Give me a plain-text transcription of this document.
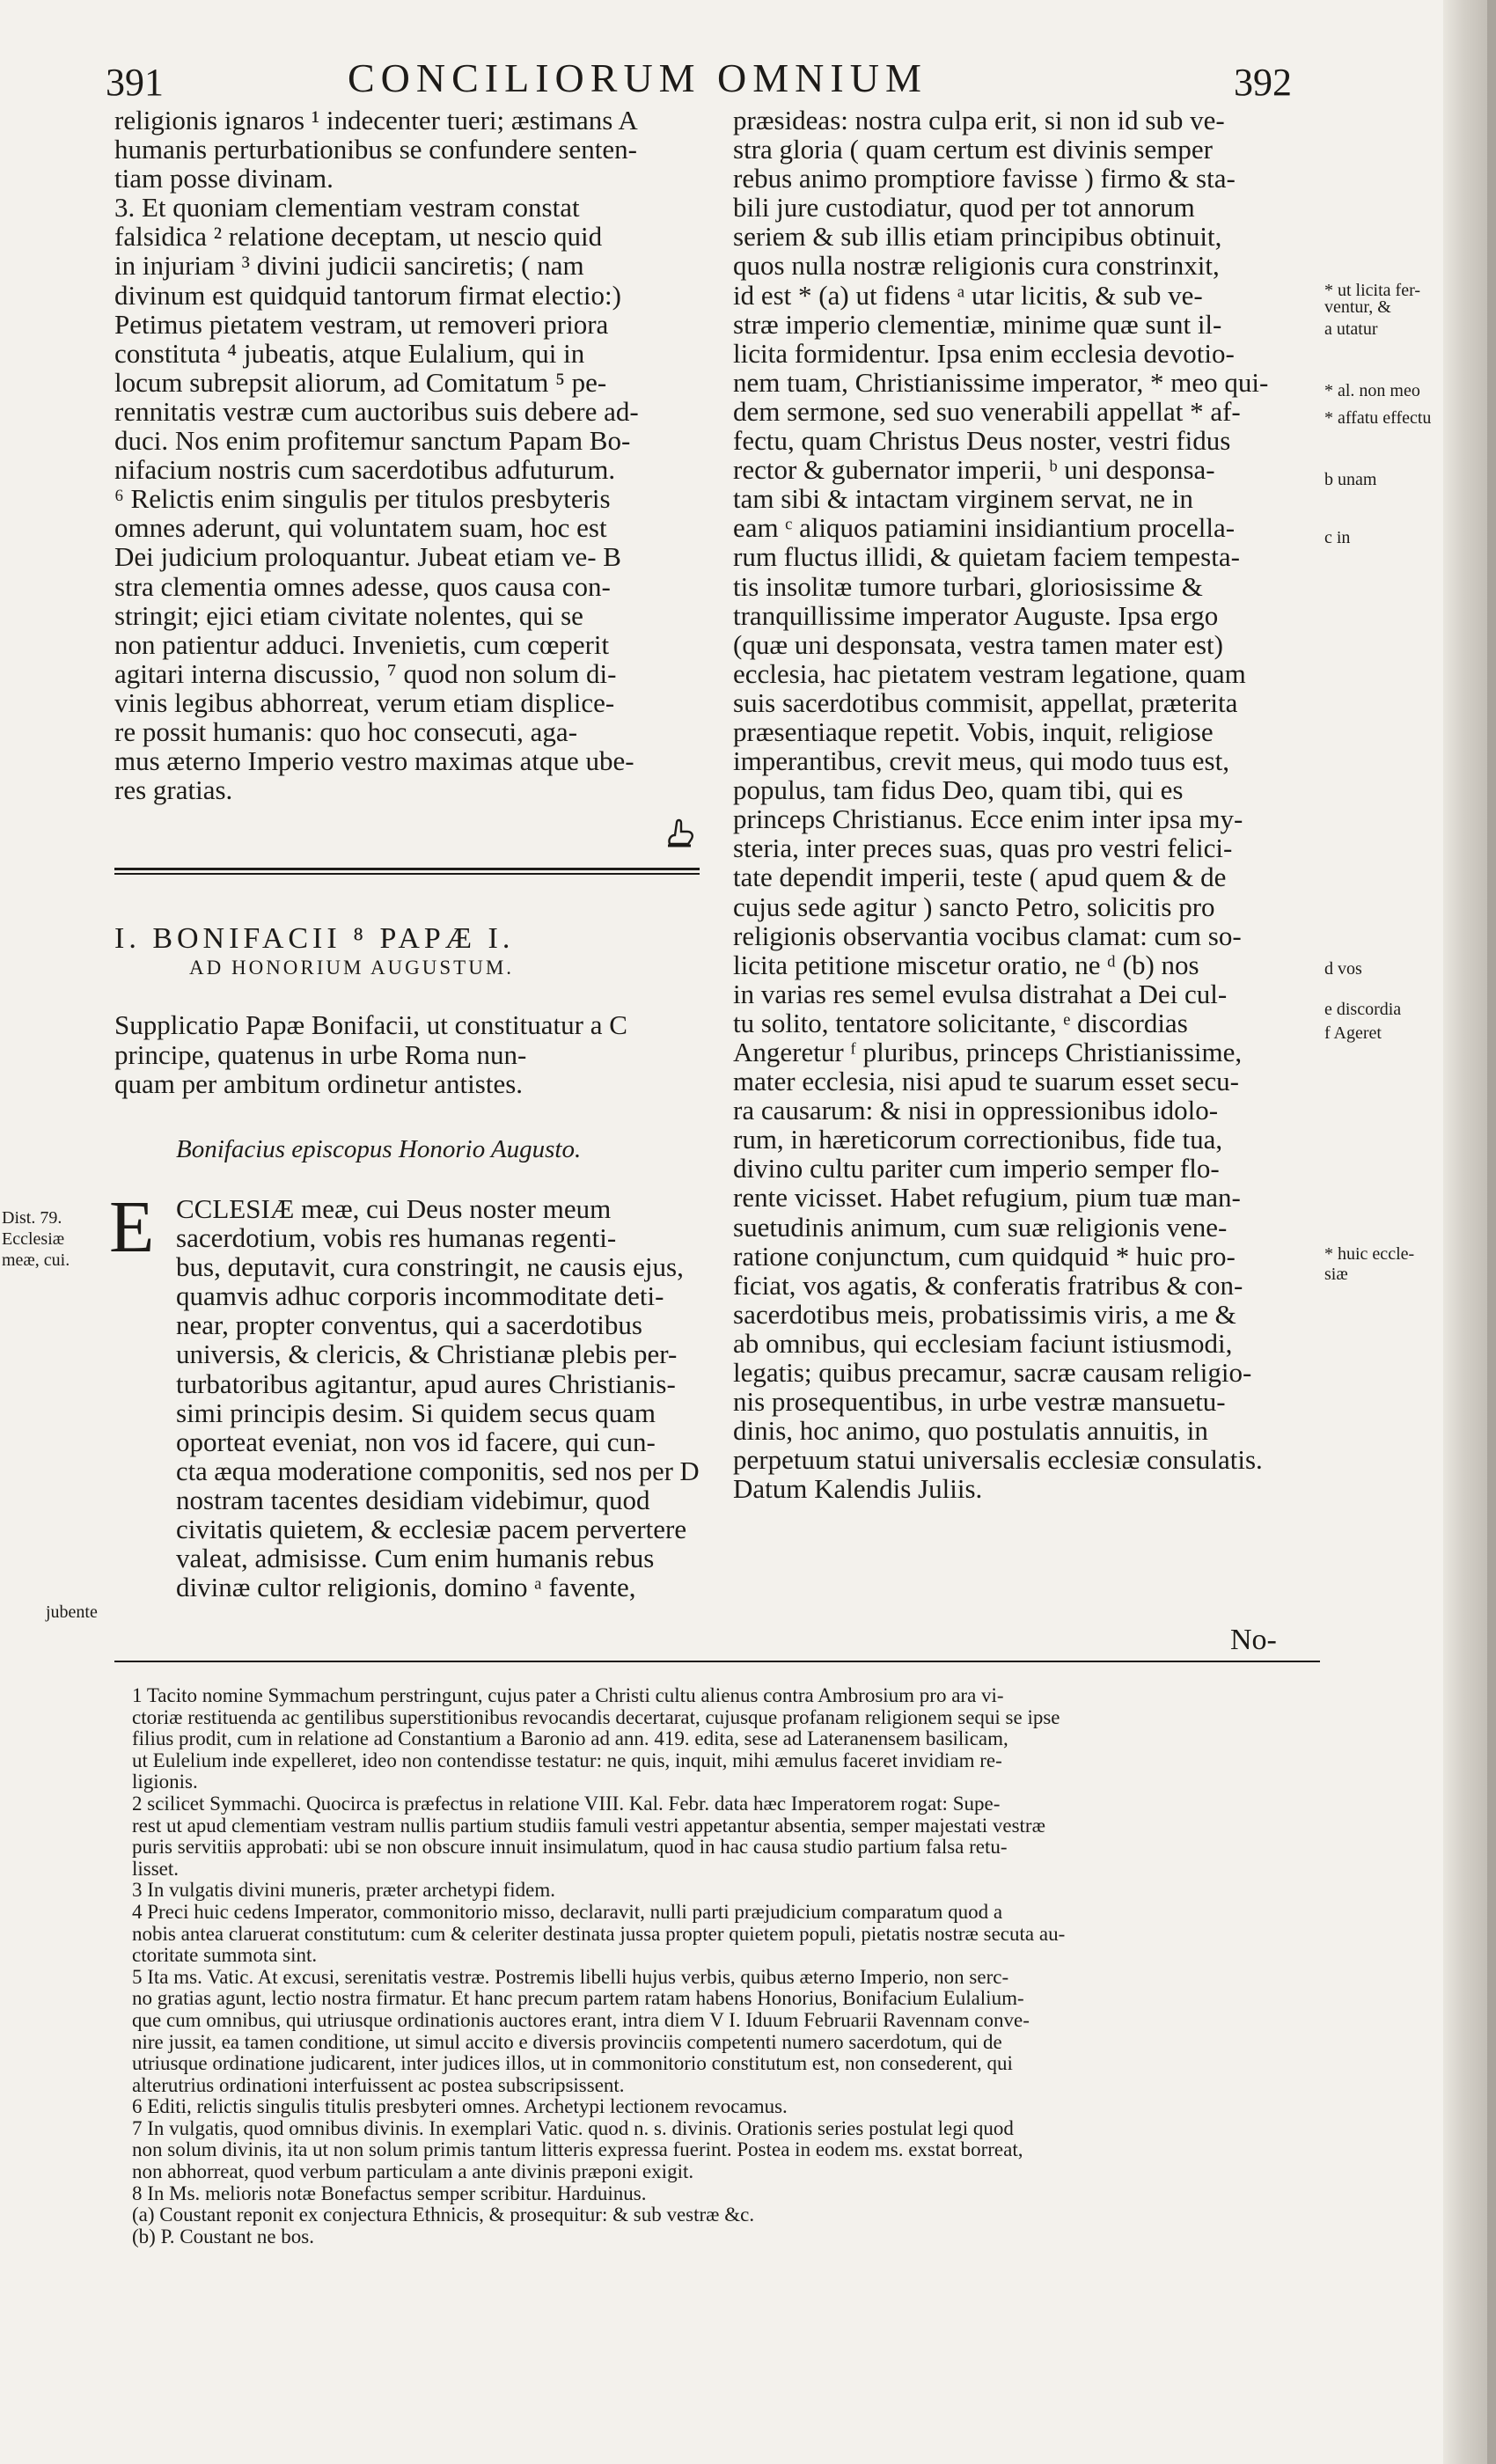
391	CONCILIORUM OMNIUM	392
religionis ignaros ¹ indecenter tueri; æstimans A
humanis perturbationibus se confundere senten-
tiam posse divinam.
3. Et quoniam clementiam vestram constat
falsidica ² relatione deceptam, ut nescio quid
in injuriam ³ divini judicii sanciretis; ( nam
divinum est quidquid tantorum firmat electio:)
Petimus pietatem vestram, ut removeri priora
constituta ⁴ jubeatis, atque Eulalium, qui in
locum subrepsit aliorum, ad Comitatum ⁵ pe-
rennitatis vestræ cum auctoribus suis debere ad-
duci. Nos enim profitemur sanctum Papam Bo-
nifacium nostris cum sacerdotibus adfuturum.
⁶ Relictis enim singulis per titulos presbyteris
omnes aderunt, qui voluntatem suam, hoc est
Dei judicium proloquantur. Jubeat etiam ve- B
stra clementia omnes adesse, quos causa con-
stringit; ejici etiam civitate nolentes, qui se
non patientur adduci. Invenietis, cum cœperit
agitari interna discussio, ⁷ quod non solum di-
vinis legibus abhorreat, verum etiam displice-
re possit humanis: quo hoc consecuti, aga-
mus æterno Imperio vestro maximas atque ube-
res gratias.
I. BONIFACII ⁸ PAPÆ I.
AD HONORIUM AUGUSTUM.
Supplicatio Papæ Bonifacii, ut constituatur a C
principe, quatenus in urbe Roma nun-
quam per ambitum ordinetur antistes.
Bonifacius episcopus Honorio Augusto.
E CCLESIÆ meæ, cui Deus noster meum
sacerdotium, vobis res humanas regenti-
bus, deputavit, cura constringit, ne causis ejus,
quamvis adhuc corporis incommoditate deti-
near, propter conventus, qui a sacerdotibus
universis, & clericis, & Christianæ plebis per-
turbatoribus agitantur, apud aures Christianis-
simi principis desim. Si quidem secus quam
oporteat eveniat, non vos id facere, qui cun-
cta æqua moderatione componitis, sed nos per D
nostram tacentes desidiam videbimur, quod
civitatis quietem, & ecclesiæ pacem pervertere
valeat, admisisse. Cum enim humanis rebus
divinæ cultor religionis, domino ᵃ favente,
præsideas: nostra culpa erit, si non id sub ve-
stra gloria ( quam certum est divinis semper
rebus animo promptiore favisse ) firmo & sta-
bili jure custodiatur, quod per tot annorum
seriem & sub illis etiam principibus obtinuit,
quos nulla nostræ religionis cura constrinxit,
id est * (a) ut fidens ᵃ utar licitis, & sub ve-
stræ imperio clementiæ, minime quæ sunt il-
licita formidentur. Ipsa enim ecclesia devotio-
nem tuam, Christianissime imperator, * meo qui-
dem sermone, sed suo venerabili appellat * af-
fectu, quam Christus Deus noster, vestri fidus
rector & gubernator imperii, ᵇ uni desponsa-
tam sibi & intactam virginem servat, ne in
eam ᶜ aliquos patiamini insidiantium procella-
rum fluctus illidi, & quietam faciem tempesta-
tis insolitæ tumore turbari, gloriosissime &
tranquillissime imperator Auguste. Ipsa ergo
(quæ uni desponsata, vestra tamen mater est)
ecclesia, hac pietatem vestram legatione, quam
suis sacerdotibus commisit, appellat, præterita
præsentiaque repetit. Vobis, inquit, religiose
imperantibus, crevit meus, qui modo tuus est,
populus, tam fidus Deo, quam tibi, qui es
princeps Christianus. Ecce enim inter ipsa my-
steria, inter preces suas, quas pro vestri felici-
tate dependit imperii, teste ( apud quem & de
cujus sede agitur ) sancto Petro, solicitis pro
religionis observantia vocibus clamat: cum so-
licita petitione miscetur oratio, ne ᵈ (b) nos
in varias res semel evulsa distrahat a Dei cul-
tu solito, tentatore solicitante, ᵉ discordias
Angeretur ᶠ pluribus, princeps Christianissime,
mater ecclesia, nisi apud te suarum esset secu-
ra causarum: & nisi in oppressionibus idolo-
rum, in hæreticorum correctionibus, fide tua,
divino cultu pariter cum imperio semper flo-
rente vicisset. Habet refugium, pium tuæ man-
suetudinis animum, cum suæ religionis vene-
ratione conjunctum, cum quidquid * huic pro-
ficiat, vos agatis, & conferatis fratribus & con-
sacerdotibus meis, probatissimis viris, a me &
ab omnibus, qui ecclesiam faciunt istiusmodi,
legatis; quibus precamur, sacræ causam religio-
nis prosequentibus, in urbe vestræ mansuetu-
dinis, hoc animo, quo postulatis annuitis, in
perpetuum statui universalis ecclesiæ consulatis.
Datum Kalendis Juliis.
* ut licita fer-
ventur, &
a utatur
* al. non meo
* affatu effectu
b unam
c in
d vos
e discordia
f Ageret
* huic eccle-
siæ
Dist. 79.
Ecclesiæ
meæ, cui.
jubente
No-
1 Tacito nomine Symmachum perstringunt, cujus pater a Christi cultu alienus contra Ambrosium pro ara vi-
ctoriæ restituenda ac gentilibus superstitionibus revocandis decertarat, cujusque profanam religionem sequi se ipse
filius prodit, cum in relatione ad Constantium a Baronio ad ann. 419. edita, sese ad Lateranensem basilicam,
ut Eulelium inde expelleret, ideo non contendisse testatur: ne quis, inquit, mihi æmulus faceret invidiam re-
ligionis.
2 scilicet Symmachi. Quocirca is præfectus in relatione VIII. Kal. Febr. data hæc Imperatorem rogat: Supe-
rest ut apud clementiam vestram nullis partium studiis famuli vestri appetantur absentia, semper majestati vestræ
puris servitiis approbati: ubi se non obscure innuit insimulatum, quod in hac causa studio partium falsa retu-
lisset.
3 In vulgatis divini muneris, præter archetypi fidem.
4 Preci huic cedens Imperator, commonitorio misso, declaravit, nulli parti præjudicium comparatum quod a
nobis antea claruerat constitutum: cum & celeriter destinata jussa propter quietem populi, pietatis nostræ secuta au-
ctoritate summota sint.
5 Ita ms. Vatic. At excusi, serenitatis vestræ. Postremis libelli hujus verbis, quibus æterno Imperio, non serc-
no gratias agunt, lectio nostra firmatur. Et hanc precum partem ratam habens Honorius, Bonifacium Eulalium-
que cum omnibus, qui utriusque ordinationis auctores erant, intra diem V I. Iduum Februarii Ravennam conve-
nire jussit, ea tamen conditione, ut simul accito e diversis provinciis competenti numero sacerdotum, qui de
utriusque ordinatione judicarent, inter judices illos, ut in commonitorio constitutum est, non consederent, qui
alterutrius ordinationi interfuissent ac postea subscripsissent.
6 Editi, relictis singulis titulis presbyteri omnes. Archetypi lectionem revocamus.
7 In vulgatis, quod omnibus divinis. In exemplari Vatic. quod n. s. divinis. Orationis series postulat legi quod
non solum divinis, ita ut non solum primis tantum litteris expressa fuerint. Postea in eodem ms. exstat borreat,
non abhorreat, quod verbum particulam a ante divinis præponi exigit.
8 In Ms. melioris notæ Bonefactus semper scribitur. Harduinus.
(a) Coustant reponit ex conjectura Ethnicis, & prosequitur: & sub vestræ &c.
(b) P. Coustant ne bos.
